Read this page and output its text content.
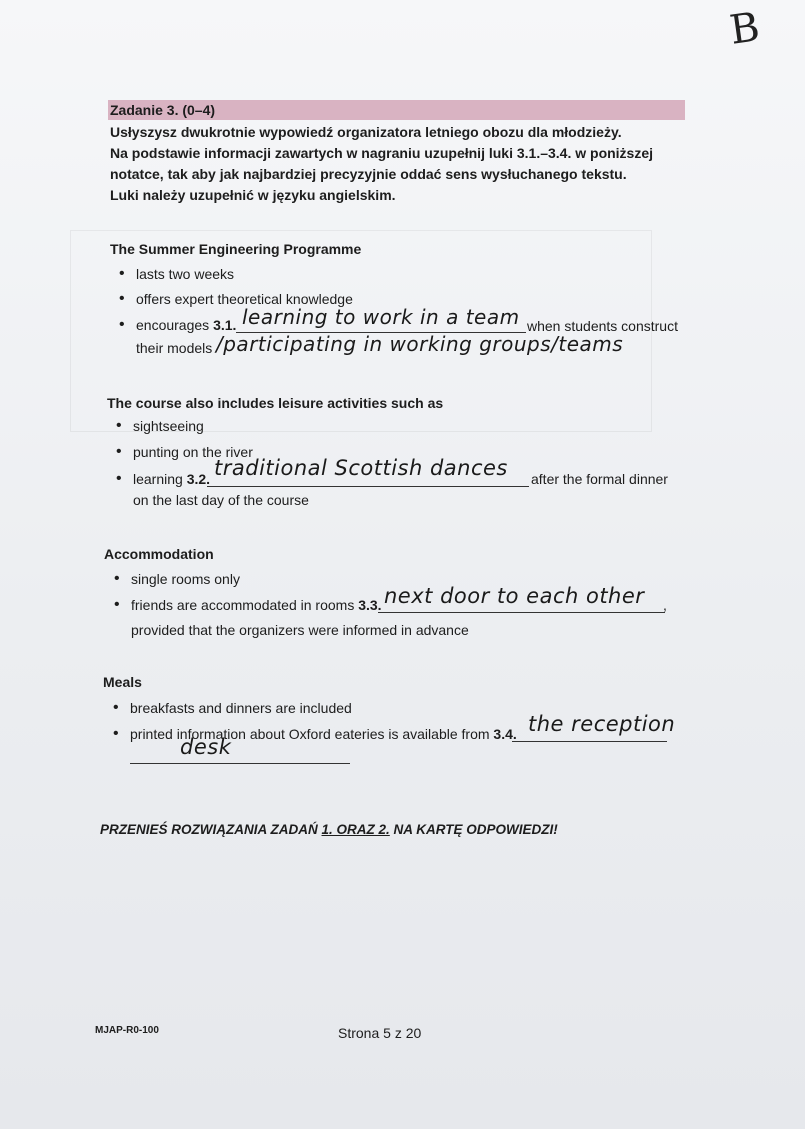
B
Zadanie 3. (0–4)
Usłyszysz dwukrotnie wypowiedź organizatora letniego obozu dla młodzieży.
Na podstawie informacji zawartych w nagraniu uzupełnij luki 3.1.–3.4. w poniższej
notatce, tak aby jak najbardziej precyzyjnie oddać sens wysłuchanego tekstu.
Luki należy uzupełnić w języku angielskim.
The Summer Engineering Programme
• lasts two weeks
• offers expert theoretical knowledge
• encourages 3.1. learning to work in a team when students construct
their models /participating in working groups/teams
The course also includes leisure activities such as
• sightseeing
• punting on the river
• learning 3.2. traditional Scottish dances after the formal dinner
on the last day of the course
Accommodation
• single rooms only
• friends are accommodated in rooms 3.3. next door to each other ,
provided that the organizers were informed in advance
Meals
• breakfasts and dinners are included
• printed information about Oxford eateries is available from 3.4. the reception
desk
PRZENIEŚ ROZWIĄZANIA ZADAŃ 1. ORAZ 2. NA KARTĘ ODPOWIEDZI!
MJAP-R0-100	Strona 5 z 20
